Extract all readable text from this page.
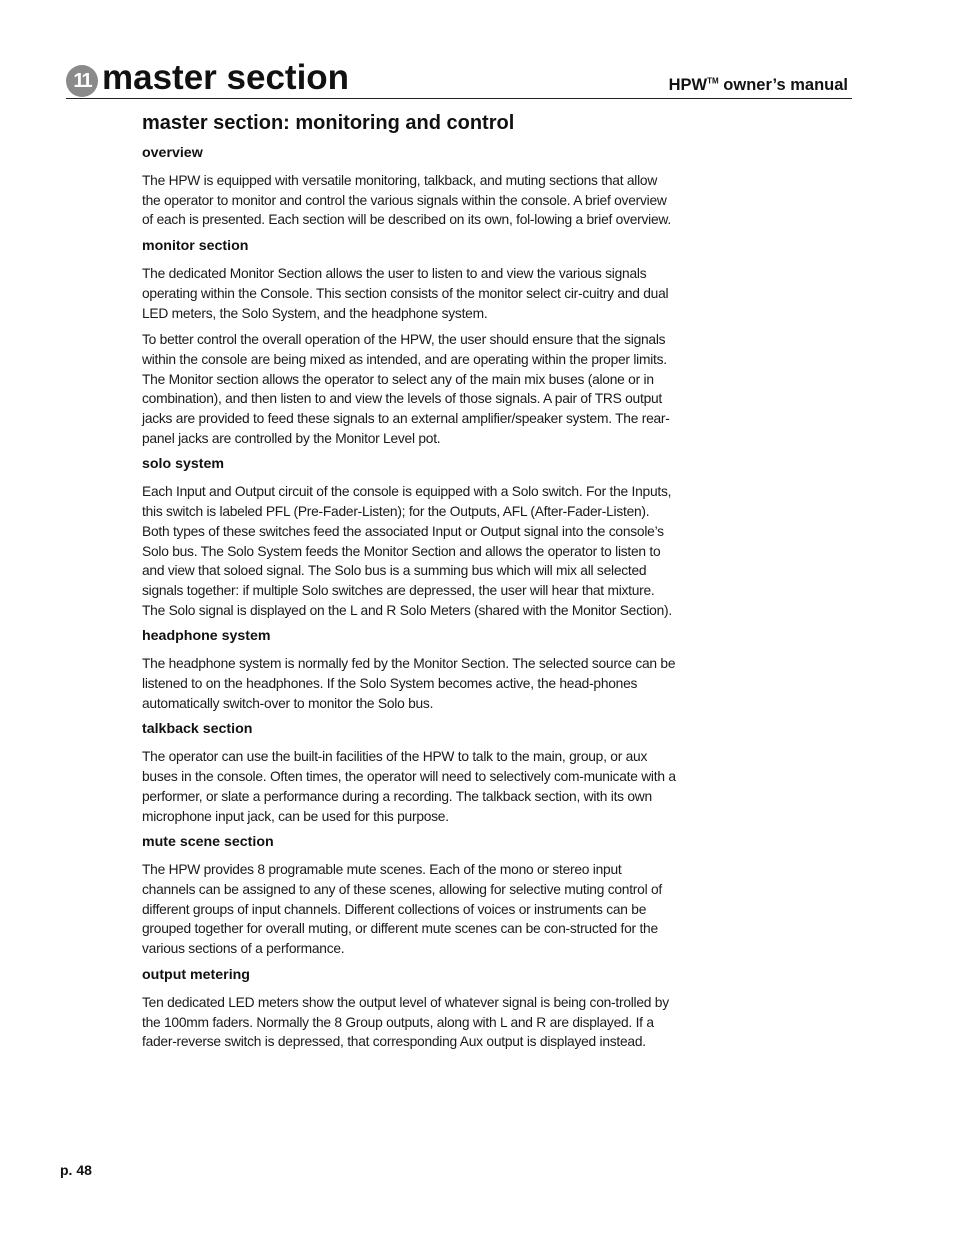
11 master section	HPW™ owner’s manual
master section: monitoring and control
overview

The HPW is equipped with versatile monitoring, talkback, and muting sections that allow the operator to monitor and control the various signals within the console. A brief overview of each is presented. Each section will be described on its own, fol-lowing a brief overview.

monitor section

The dedicated Monitor Section allows the user to listen to and view the various signals operating within the Console. This section consists of the monitor select cir-cuitry and dual LED meters, the Solo System, and the headphone system.

To better control the overall operation of the HPW, the user should ensure that the signals within the console are being mixed as intended, and are operating within the proper limits. The Monitor section allows the operator to select any of the main mix buses (alone or in combination), and then listen to and view the levels of those signals. A pair of TRS output jacks are provided to feed these signals to an external amplifier/speaker system. The rear-panel jacks are controlled by the Monitor Level pot.

solo system

Each Input and Output circuit of the console is equipped with a Solo switch. For the Inputs, this switch is labeled PFL (Pre-Fader-Listen); for the Outputs, AFL (After-Fader-Listen). Both types of these switches feed the associated Input or Output signal into the console’s Solo bus. The Solo System feeds the Monitor Section and allows the operator to listen to and view that soloed signal. The Solo bus is a summing bus which will mix all selected signals together: if multiple Solo switches are depressed, the user will hear that mixture. The Solo signal is displayed on the L and R Solo Meters (shared with the Monitor Section).

headphone system

The headphone system is normally fed by the Monitor Section. The selected source can be listened to on the headphones. If the Solo System becomes active, the head-phones automatically switch-over to monitor the Solo bus.

talkback section

The operator can use the built-in facilities of the HPW to talk to the main, group, or aux buses in the console. Often times, the operator will need to selectively com-municate with a performer, or slate a performance during a recording. The talkback section, with its own microphone input jack, can be used for this purpose.

mute scene section

The HPW provides 8 programable mute scenes. Each of the mono or stereo input channels can be assigned to any of these scenes, allowing for selective muting control of different groups of input channels. Different collections of voices or instruments can be grouped together for overall muting, or different mute scenes can be con-structed for the various sections of a performance.

output metering

Ten dedicated LED meters show the output level of whatever signal is being con-trolled by the 100mm faders. Normally the 8 Group outputs, along with L and R are displayed. If a fader-reverse switch is depressed, that corresponding Aux output is displayed instead.

p. 48
